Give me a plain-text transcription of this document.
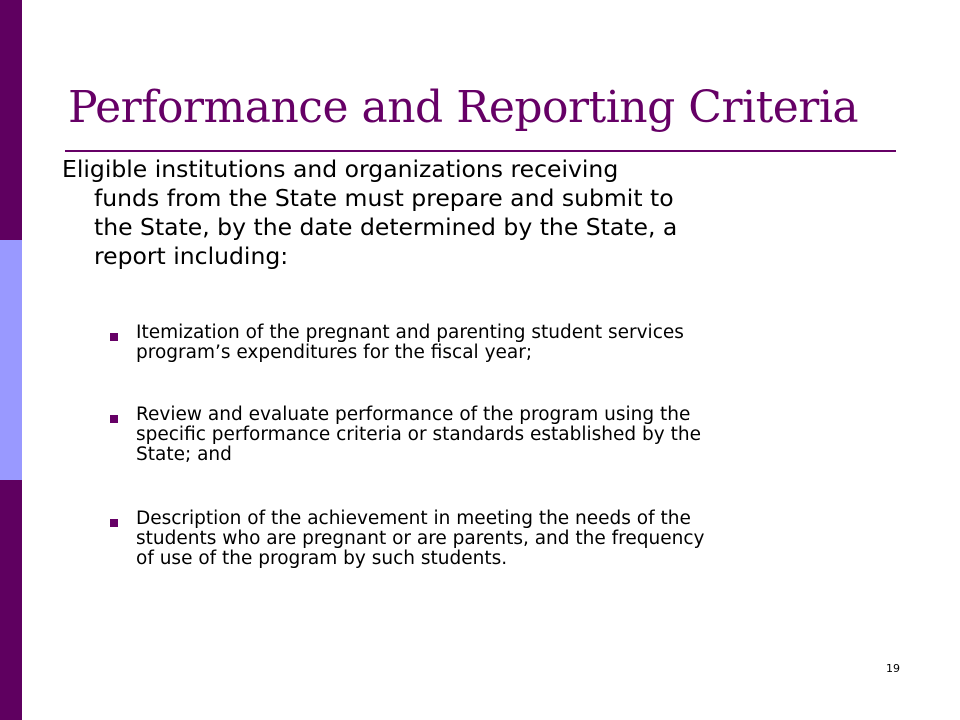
Performance and Reporting Criteria

Eligible institutions and organizations receiving
funds from the State must prepare and submit to
the State, by the date determined by the State, a
report including:

Itemization of the pregnant and parenting student services
program’s expenditures for the fiscal year;
Review and evaluate performance of the program using the
specific performance criteria or standards established by the
State; and
Description of the achievement in meeting the needs of the
students who are pregnant or are parents, and the frequency
of use of the program by such students.
19
